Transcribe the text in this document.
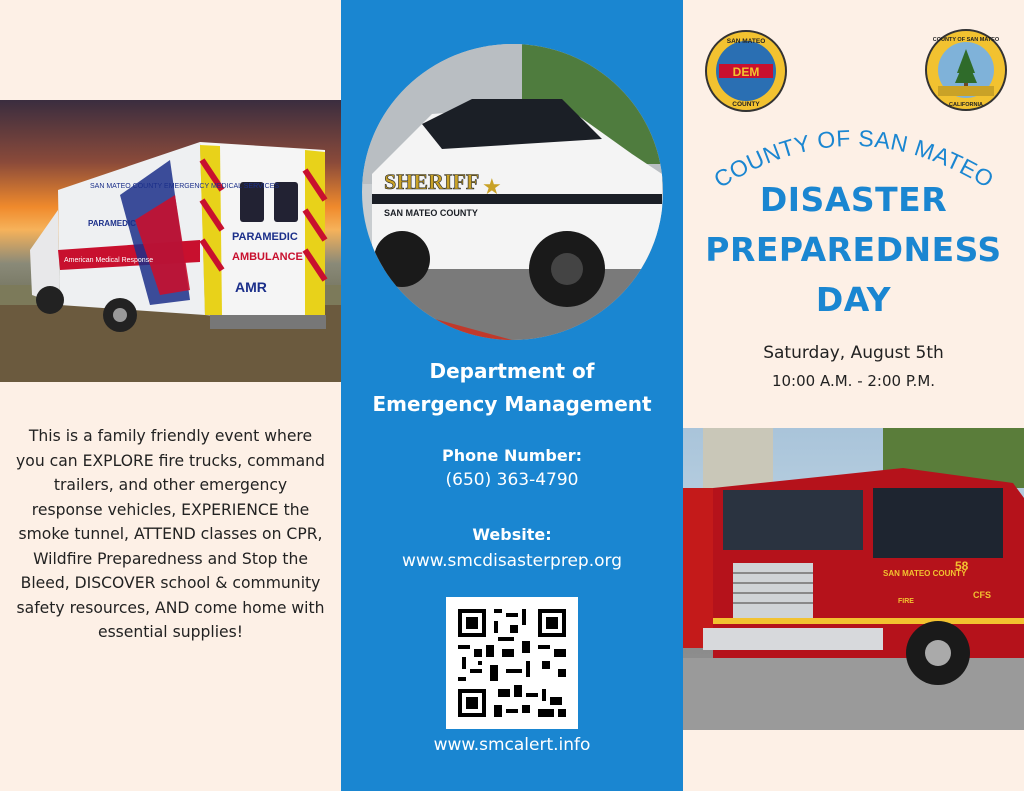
SAN MATEO COUNTY EMERGENCY MEDICAL SERVICES
PARAMEDIC
American Medical Response
PARAMEDIC
AMBULANCE
AMR

This is a family friendly event where you can EXPLORE fire trucks, command trailers, and other emergency response vehicles, EXPERIENCE the smoke tunnel, ATTEND classes on CPR, Wildfire Preparedness and Stop the Bleed, DISCOVER school & community safety resources, AND come home with essential supplies!

★
SHERIFF
SAN MATEO COUNTY
Department of
Emergency Management
Phone Number:
(650) 363-4790
Website:
www.smcdisasterprep.org
www.smcalert.info
DEM
SAN MATEO
COUNTY
COUNTY OF SAN MATEO
CALIFORNIA
COUNTY OF SAN MATEO
DISASTER
PREPAREDNESS
DAY
Saturday, August 5th
10:00 A.M. - 2:00 P.M.
SAN MATEO COUNTY
58
CFS
FIRE
